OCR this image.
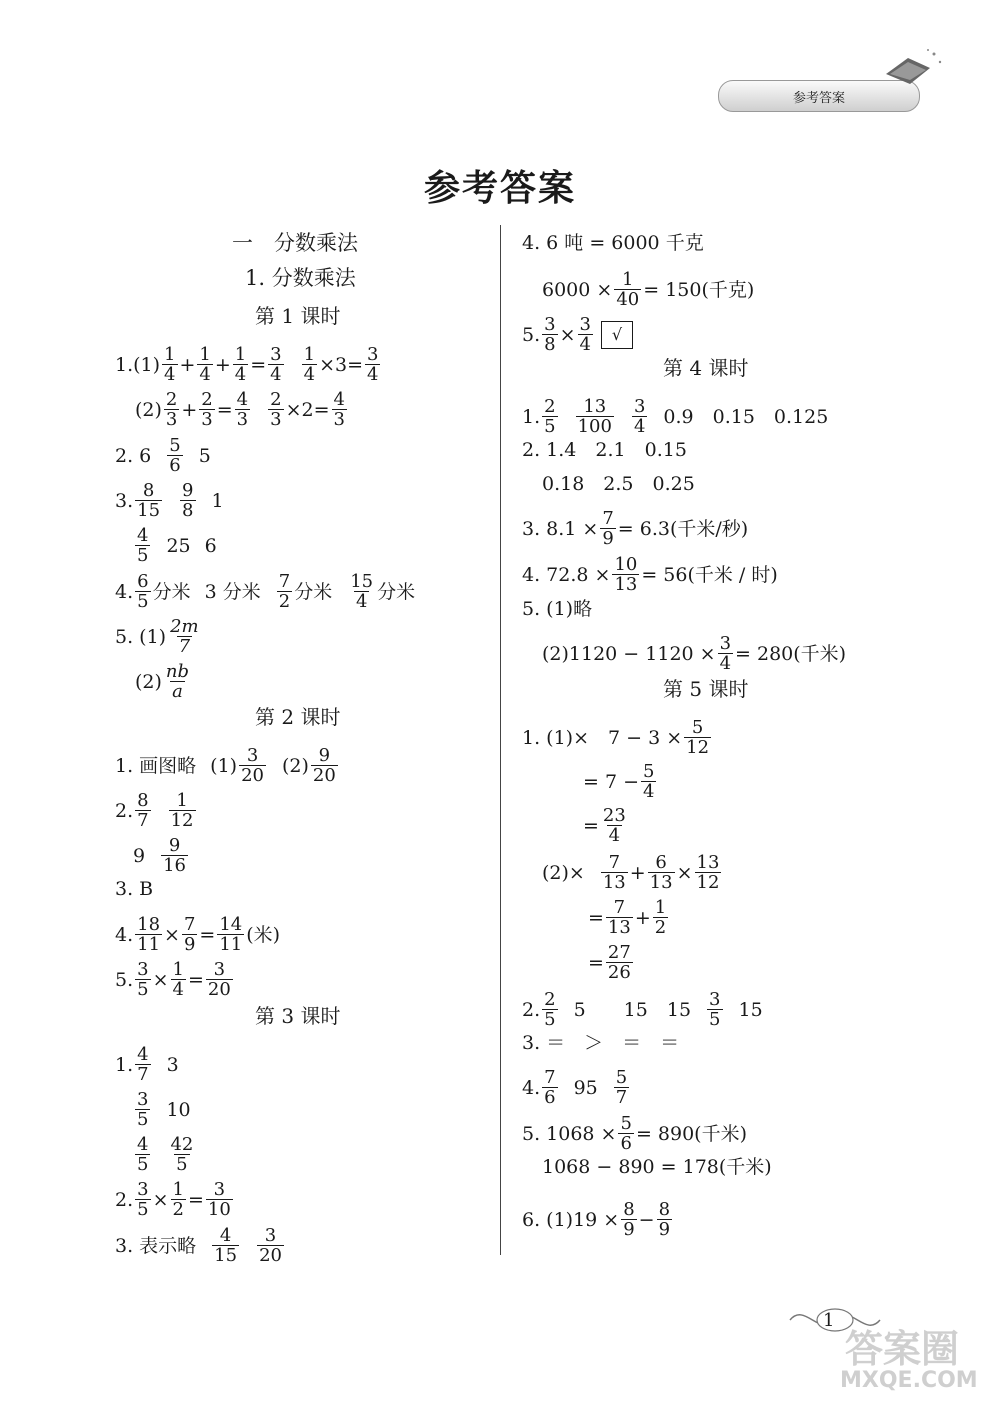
参考答案
参考答案
一　分数乘法
1. 分数乘法
第 1 课时
$1.(1) \frac{1}{4} + \frac{1}{4} + \frac{1}{4} = \frac{3}{4} \frac{1}{4} \times 3 = \frac{3}{4}$
$(2) \frac{2}{3} + \frac{2}{3} = \frac{4}{3} \frac{2}{3} \times 2 = \frac{4}{3}$
2. $6 \frac{5}{6} 5$
3. $\frac{8}{15} \frac{9}{8} 1$
$\frac{4}{5} 25$ 6
4. $\frac{6}{5}$ 分米 3 分米 $\frac{7}{2}$ 分米 $\frac{15}{4}$ 分米
5. $(1) \frac{2m}{7}$
$(2) \frac{nb}{a}$
第 2 课时
1. 画图略 $(1) \frac{3}{20} (2) \frac{9}{20}$
2. $\frac{8}{7} \frac{1}{12}$
$9 \frac{9}{16}$
3. B
4. $\frac{18}{11} \times \frac{7}{9} = \frac{14}{11}$ (米)
5. $\frac{3}{5} \times \frac{1}{4} = \frac{3}{20}$
第 3 课时
1. $\frac{4}{7} 3$
$\frac{3}{5} 10$
$\frac{4}{5} \frac{42}{5}$
2. $\frac{3}{5} \times \frac{1}{2} = \frac{3}{10}$
3. 表示略 $\frac{4}{15} \frac{3}{20}$
4. 6 吨 = 6000 千克
$6000 \times \frac{1}{40} = 150$(千克)
5. $\frac{3}{8} \times \frac{3}{4}$	√
第 4 课时
1. $\frac{2}{5} \frac{13}{100} \frac{3}{4} 0.9$　0.15　0.125
2. 1.4　2.1　0.15
0.18　2.5　0.25
3. $8.1 \times \frac{7}{9} = 6.3$(千米/秒)
4. $72.8 \times \frac{10}{13} = 56$(千米 / 时)
5. (1)略
$(2)1120 - 1120 \times \frac{3}{4} = 280$(千米)
第 5 课时
1. (1)×　$7 - 3 \times \frac{5}{12}$
= $7 - \frac{5}{4}$
= $\frac{23}{4}$
$(2)\times \frac{7}{13} + \frac{6}{13} \times \frac{13}{12}$
= $\frac{7}{13} + \frac{1}{2}$
= $\frac{27}{26}$
2. $\frac{2}{5} 5$　　15　$15 \frac{3}{5} 15$
3. ＝　＞　＝　＝
4. $\frac{7}{6} 95 \frac{5}{7}$
5. $1068 \times \frac{5}{6} = 890$(千米)
1068 − 890 = 178(千米)
6. $(1)19 \times \frac{8}{9} - \frac{8}{9}$
1
答案圈
MXQE.COM
